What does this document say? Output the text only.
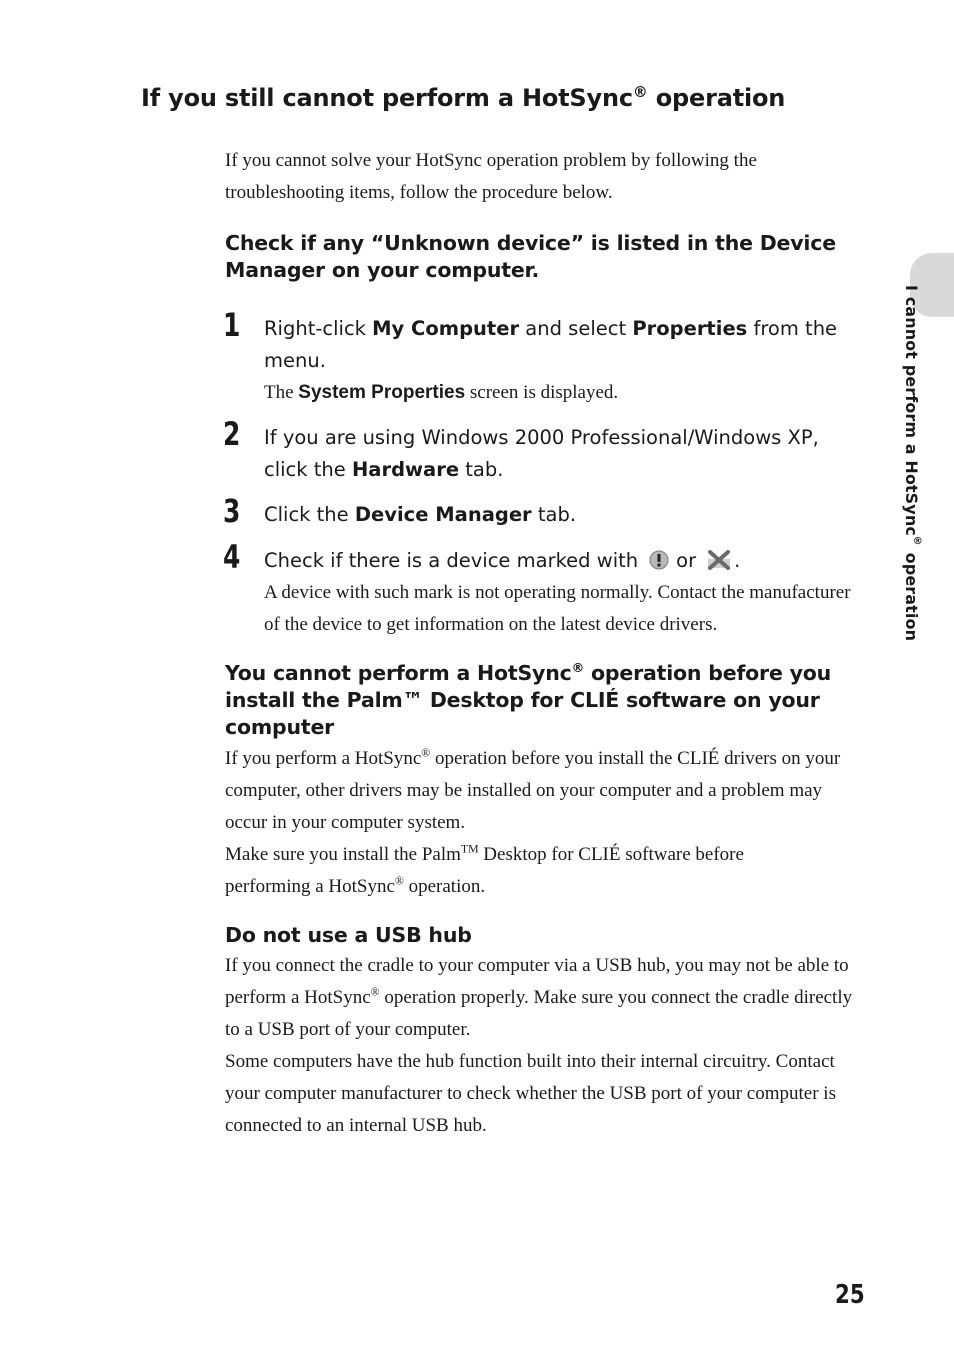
If you still cannot perform a HotSync® operation
If you cannot solve your HotSync operation problem by following the troubleshooting items, follow the procedure below.

Check if any “Unknown device” is listed in the Device Manager on your computer.

1 Right-click My Computer and select Properties from the menu.
The System Properties screen is displayed.
2 If you are using Windows 2000 Professional/Windows XP, click the Hardware tab.
3 Click the Device Manager tab.
4 Check if there is a device marked with or .
A device with such mark is not operating normally. Contact the manufacturer of the device to get information on the latest device drivers.

You cannot perform a HotSync® operation before you install the Palm™ Desktop for CLIÉ software on your computer

If you perform a HotSync® operation before you install the CLIÉ drivers on your computer, other drivers may be installed on your computer and a problem may occur in your computer system.
Make sure you install the Palm™ Desktop for CLIÉ software before performing a HotSync® operation.

Do not use a USB hub

If you connect the cradle to your computer via a USB hub, you may not be able to perform a HotSync® operation properly. Make sure you connect the cradle directly to a USB port of your computer.
Some computers have the hub function built into their internal circuitry. Contact your computer manufacturer to check whether the USB port of your computer is connected to an internal USB hub.
I cannot perform a HotSync® operation
25
